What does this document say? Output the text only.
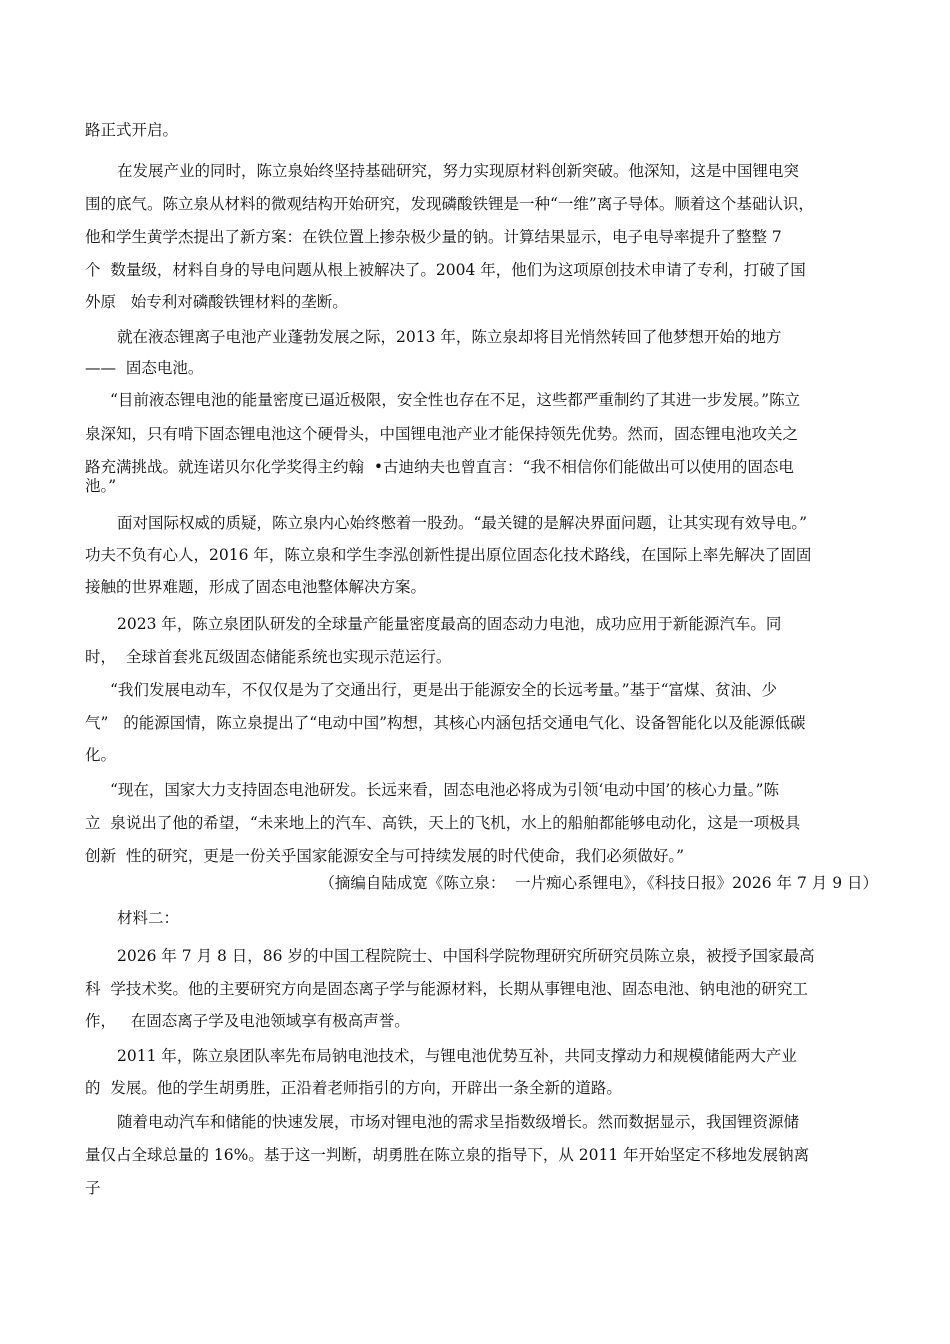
路正式开启。
在发展产业的同时，陈立泉始终坚持基础研究，努力实现原材料创新突破。他深知，这是中国锂电突
围的底气。陈立泉从材料的微观结构开始研究，发现磷酸铁锂是一种“一维”离子导体。顺着这个基础认识，
他和学生黄学杰提出了新方案：在铁位置上掺杂极少量的钠。计算结果显示，电子电导率提升了整整 7
个  数量级，材料自身的导电问题从根上被解决了。2004 年，他们为这项原创技术申请了专利，打破了国
外原   始专利对磷酸铁锂材料的垄断。
就在液态锂离子电池产业蓬勃发展之际，2013 年，陈立泉却将目光悄然转回了他梦想开始的地方
——  固态电池。
“目前液态锂电池的能量密度已逼近极限，安全性也存在不足，这些都严重制约了其进一步发展。”陈立
泉深知，只有啃下固态锂电池这个硬骨头，中国锂电池产业才能保持领先优势。然而，固态锂电池攻关之
路充满挑战。就连诺贝尔化学奖得主约翰  •古迪纳夫也曾直言：“我不相信你们能做出可以使用的固态电
池。”
面对国际权威的质疑，陈立泉内心始终憋着一股劲。“最关键的是解决界面问题，让其实现有效导电。”
功夫不负有心人，2016 年，陈立泉和学生李泓创新性提出原位固态化技术路线，在国际上率先解决了固固
接触的世界难题，形成了固态电池整体解决方案。
2023 年，陈立泉团队研发的全球量产能量密度最高的固态动力电池，成功应用于新能源汽车。同
时，  全球首套兆瓦级固态储能系统也实现示范运行。
“我们发展电动车，不仅仅是为了交通出行，更是出于能源安全的长远考量。”基于“富煤、贫油、少
气”   的能源国情，陈立泉提出了“电动中国”构想，其核心内涵包括交通电气化、设备智能化以及能源低碳
化。
“现在，国家大力支持固态电池研发。长远来看，固态电池必将成为引领‘电动中国’的核心力量。”陈
立  泉说出了他的希望，“未来地上的汽车、高铁，天上的飞机，水上的船舶都能够电动化，这是一项极具
创新  性的研究，更是一份关乎国家能源安全与可持续发展的时代使命，我们必须做好。”
（摘编自陆成宽《陈立泉：  一片痴心系锂电》，《科技日报》2026 年 7 月 9 日）
材料二：
2026 年 7 月 8 日，86 岁的中国工程院院士、中国科学院物理研究所研究员陈立泉，被授予国家最高
科  学技术奖。他的主要研究方向是固态离子学与能源材料，长期从事锂电池、固态电池、钠电池的研究工
作，   在固态离子学及电池领域享有极高声誉。
2011 年，陈立泉团队率先布局钠电池技术，与锂电池优势互补，共同支撑动力和规模储能两大产业
的  发展。他的学生胡勇胜，正沿着老师指引的方向，开辟出一条全新的道路。
随着电动汽车和储能的快速发展，市场对锂电池的需求呈指数级增长。然而数据显示，我国锂资源储
量仅占全球总量的 16%。基于这一判断，胡勇胜在陈立泉的指导下，从 2011 年开始坚定不移地发展钠离
子
